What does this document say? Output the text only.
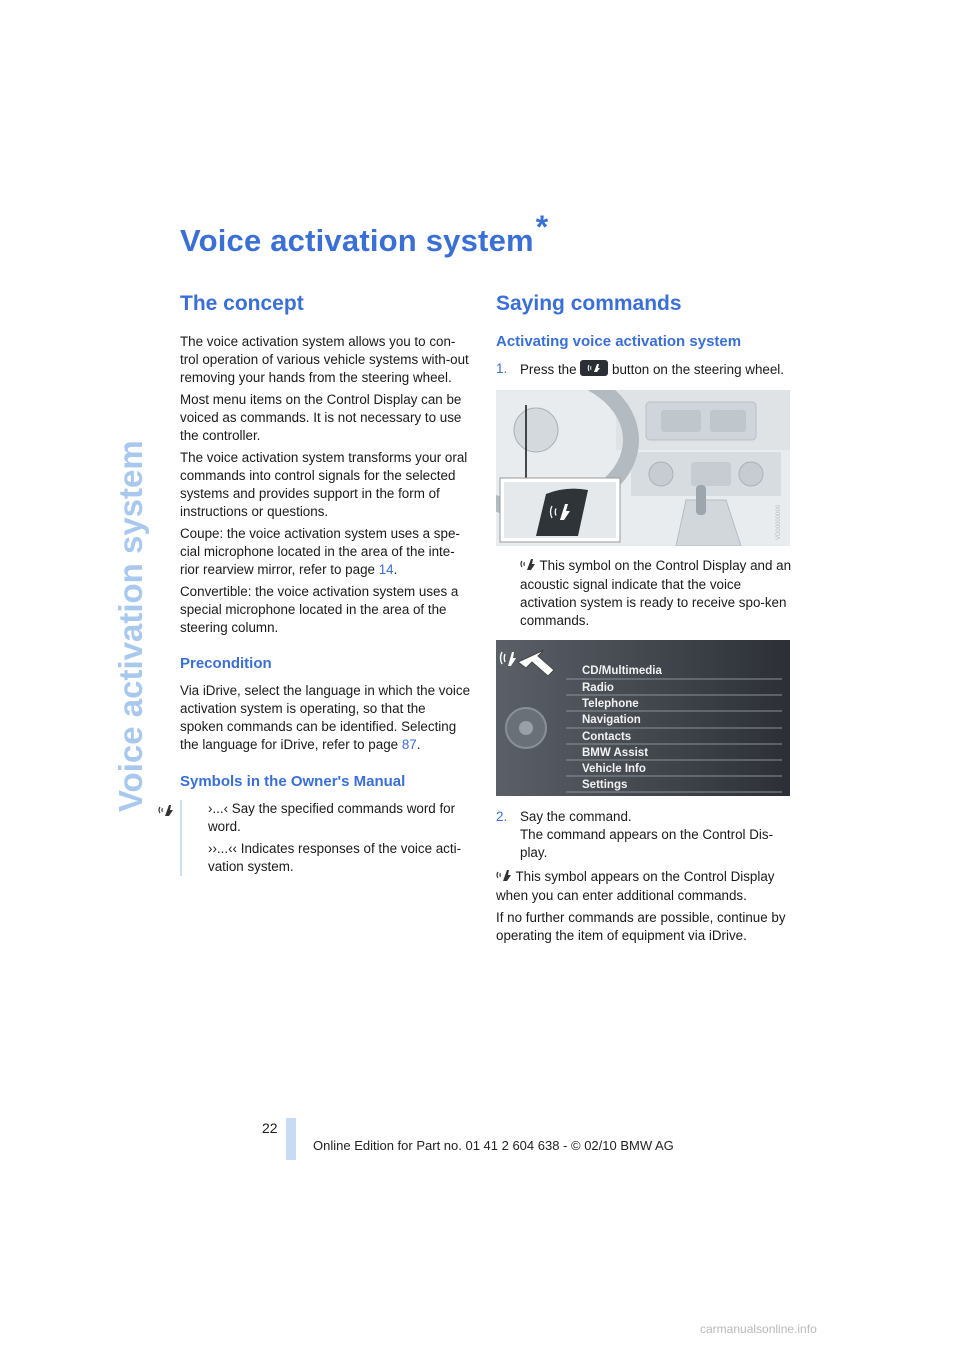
Voice activation system
Voice activation system*
The concept

The voice activation system allows you to con-trol operation of various vehicle systems with-out removing your hands from the steering wheel.

Most menu items on the Control Display can be voiced as commands. It is not necessary to use the controller.

The voice activation system transforms your oral commands into control signals for the selected systems and provides support in the form of instructions or questions.

Coupe: the voice activation system uses a spe-cial microphone located in the area of the inte-rior rearview mirror, refer to page 14.

Convertible: the voice activation system uses a special microphone located in the area of the steering column.

Precondition

Via iDrive, select the language in which the voice activation system is operating, so that the spoken commands can be identified. Selecting the language for iDrive, refer to page 87.

Symbols in the Owner's Manual

›...‹ Say the specified commands word for word.

››...‹‹ Indicates responses of the voice acti-vation system.

Saying commands
Activating voice activation system
1. Press the  button on the steering wheel.
VD00000000
This symbol on the Control Display and an acoustic signal indicate that the voice activation system is ready to receive spo-ken commands.
CD/Multimedia
Radio
Telephone
Navigation
Contacts
BMW Assist
Vehicle Info
Settings
2. Say the command.
The command appears on the Control Dis-play.

This symbol appears on the Control Display when you can enter additional commands.

If no further commands are possible, continue by operating the item of equipment via iDrive.

22
Online Edition for Part no. 01 41 2 604 638 - © 02/10 BMW AG
carmanualsonline.info
